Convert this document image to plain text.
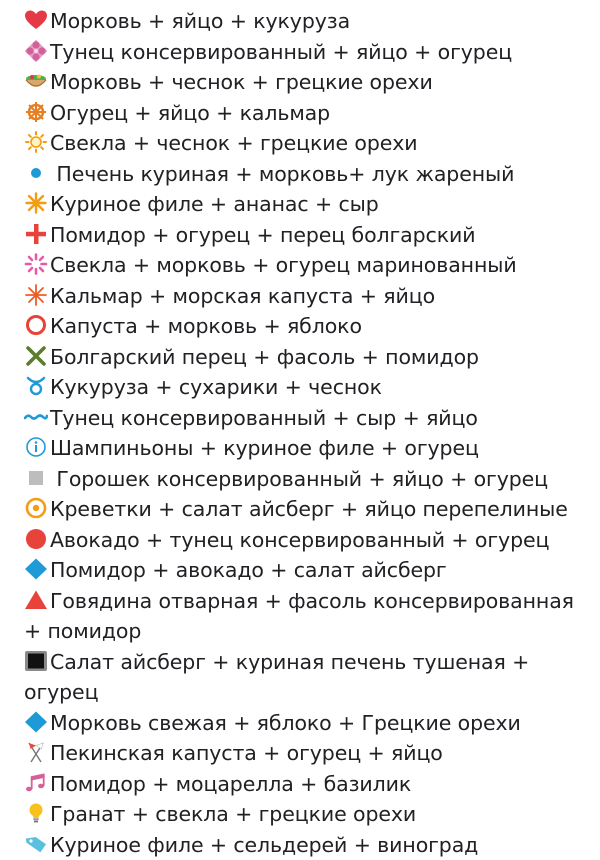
Морковь + яйцо + кукуруза
Тунец консервированный + яйцо + огурец
Морковь + чеснок + грецкие орехи
Огурец + яйцо + кальмар
Свекла + чеснок + грецкие орехи
Печень куриная + морковь+ лук жареный
Куриное филе + ананас + сыр
Помидор + огурец + перец болгарский
Свекла + морковь + огурец маринованный
Кальмар + морская капуста + яйцо
Капуста + морковь + яблоко
Болгарский перец + фасоль + помидор
Кукуруза + сухарики + чеснок
Тунец консервированный + сыр + яйцо
Шампиньоны + куриное филе + огурец
Горошек консервированный + яйцо + огурец
Креветки + салат айсберг + яйцо перепелиные
Авокадо + тунец консервированный + огурец
Помидор + авокадо + салат айсберг
Говядина отварная + фасоль консервированная + помидор
Салат айсберг + куриная печень тушеная + огурец
Морковь свежая + яблоко + Грецкие орехи
Пекинская капуста + огурец + яйцо
Помидор + моцарелла + базилик
Гранат + свекла + грецкие орехи
Куриное филе + сельдерей + виноград
